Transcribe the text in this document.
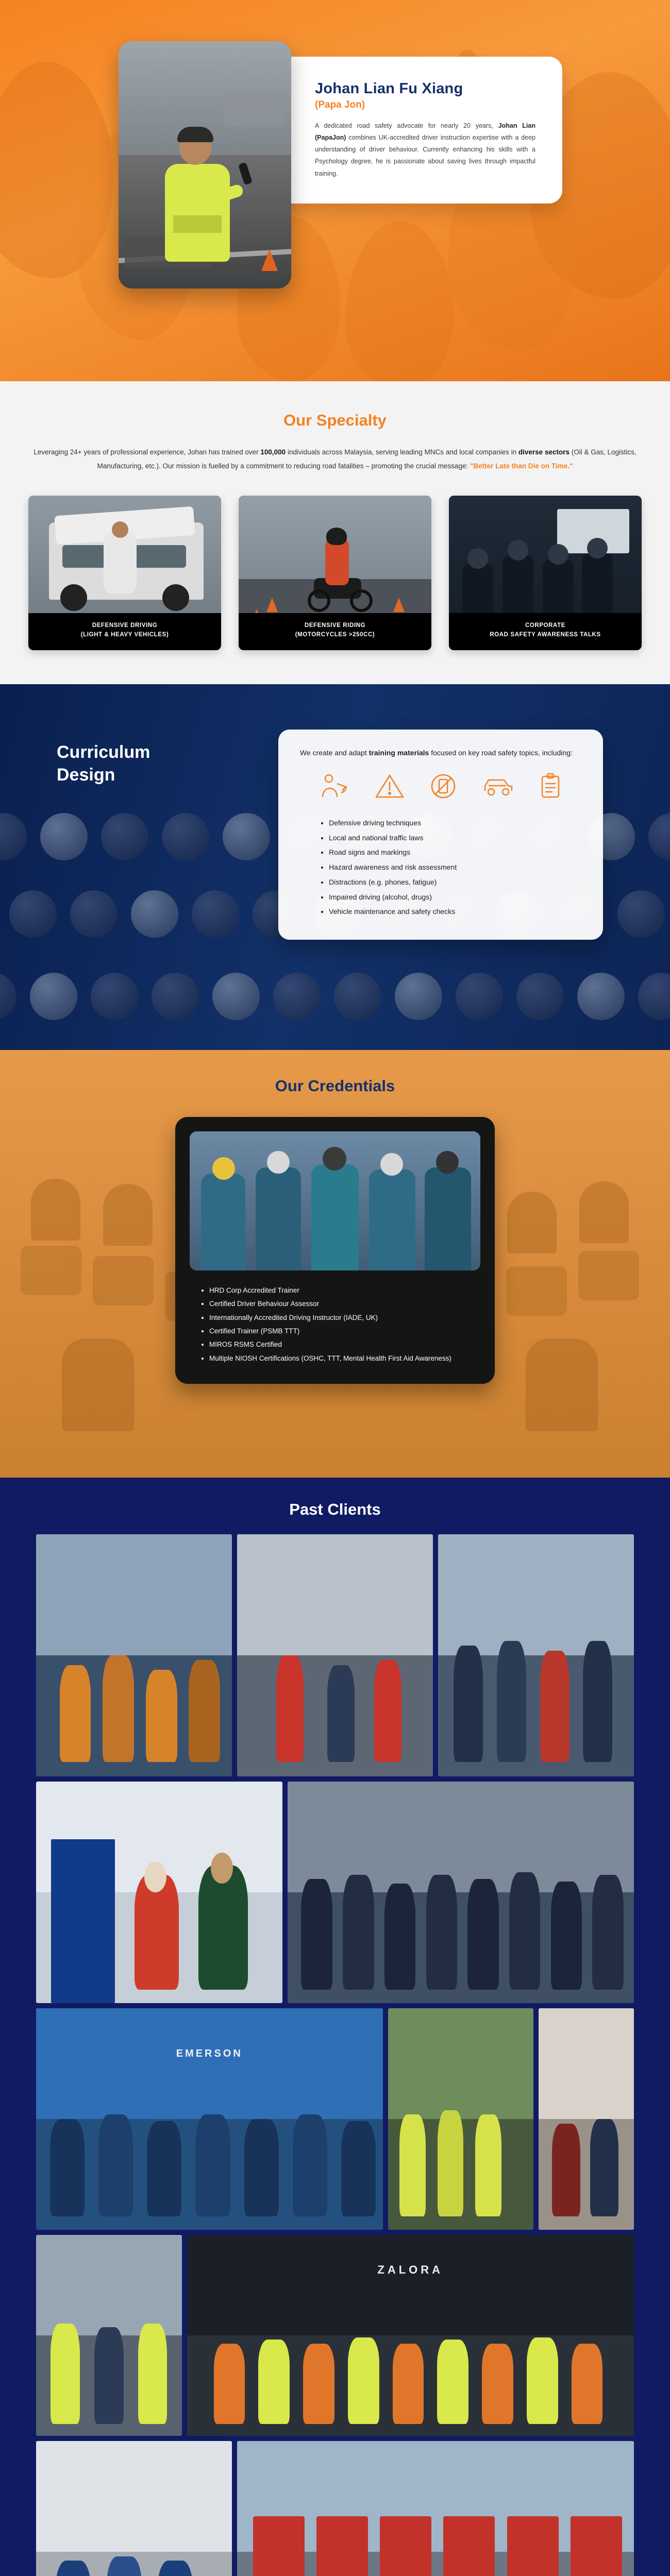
Johan Lian Fu Xiang
(Papa Jon)

A dedicated road safety advocate for nearly 20 years, Johan Lian (PapaJon) combines UK-accredited driver instruction expertise with a deep understanding of driver behaviour. Currently enhancing his skills with a Psychology degree, he is passionate about saving lives through impactful training.

Our Specialty

Leveraging 24+ years of professional experience, Johan has trained over 100,000 individuals across Malaysia, serving leading MNCs and local companies in diverse sectors (Oil & Gas, Logistics, Manufacturing, etc.). Our mission is fuelled by a commitment to reducing road fatalities – promoting the crucial message: "Better Late than Die on Time."

DEFENSIVE DRIVING
(LIGHT & HEAVY VEHICLES)
DEFENSIVE RIDING
(MOTORCYCLES >250CC)
CORPORATE
ROAD SAFETY AWARENESS TALKS
Curriculum
Design

We create and adapt training materials focused on key road safety topics, including:

• Defensive driving techniques
• Local and national traffic laws
• Road signs and markings
• Hazard awareness and risk assessment
• Distractions (e.g. phones, fatigue)
• Impaired driving (alcohol, drugs)
• Vehicle maintenance and safety checks
Our Credentials
• HRD Corp Accredited Trainer
• Certified Driver Behaviour Assessor
• Internationally Accredited Driving Instructor (IADE, UK)
• Certified Trainer (PSMB TTT)
• MIROS RSMS Certified
• Multiple NIOSH Certifications (OSHC, TTT, Mental Health First Aid Awareness)
Past Clients
EMERSON
ZALORA
